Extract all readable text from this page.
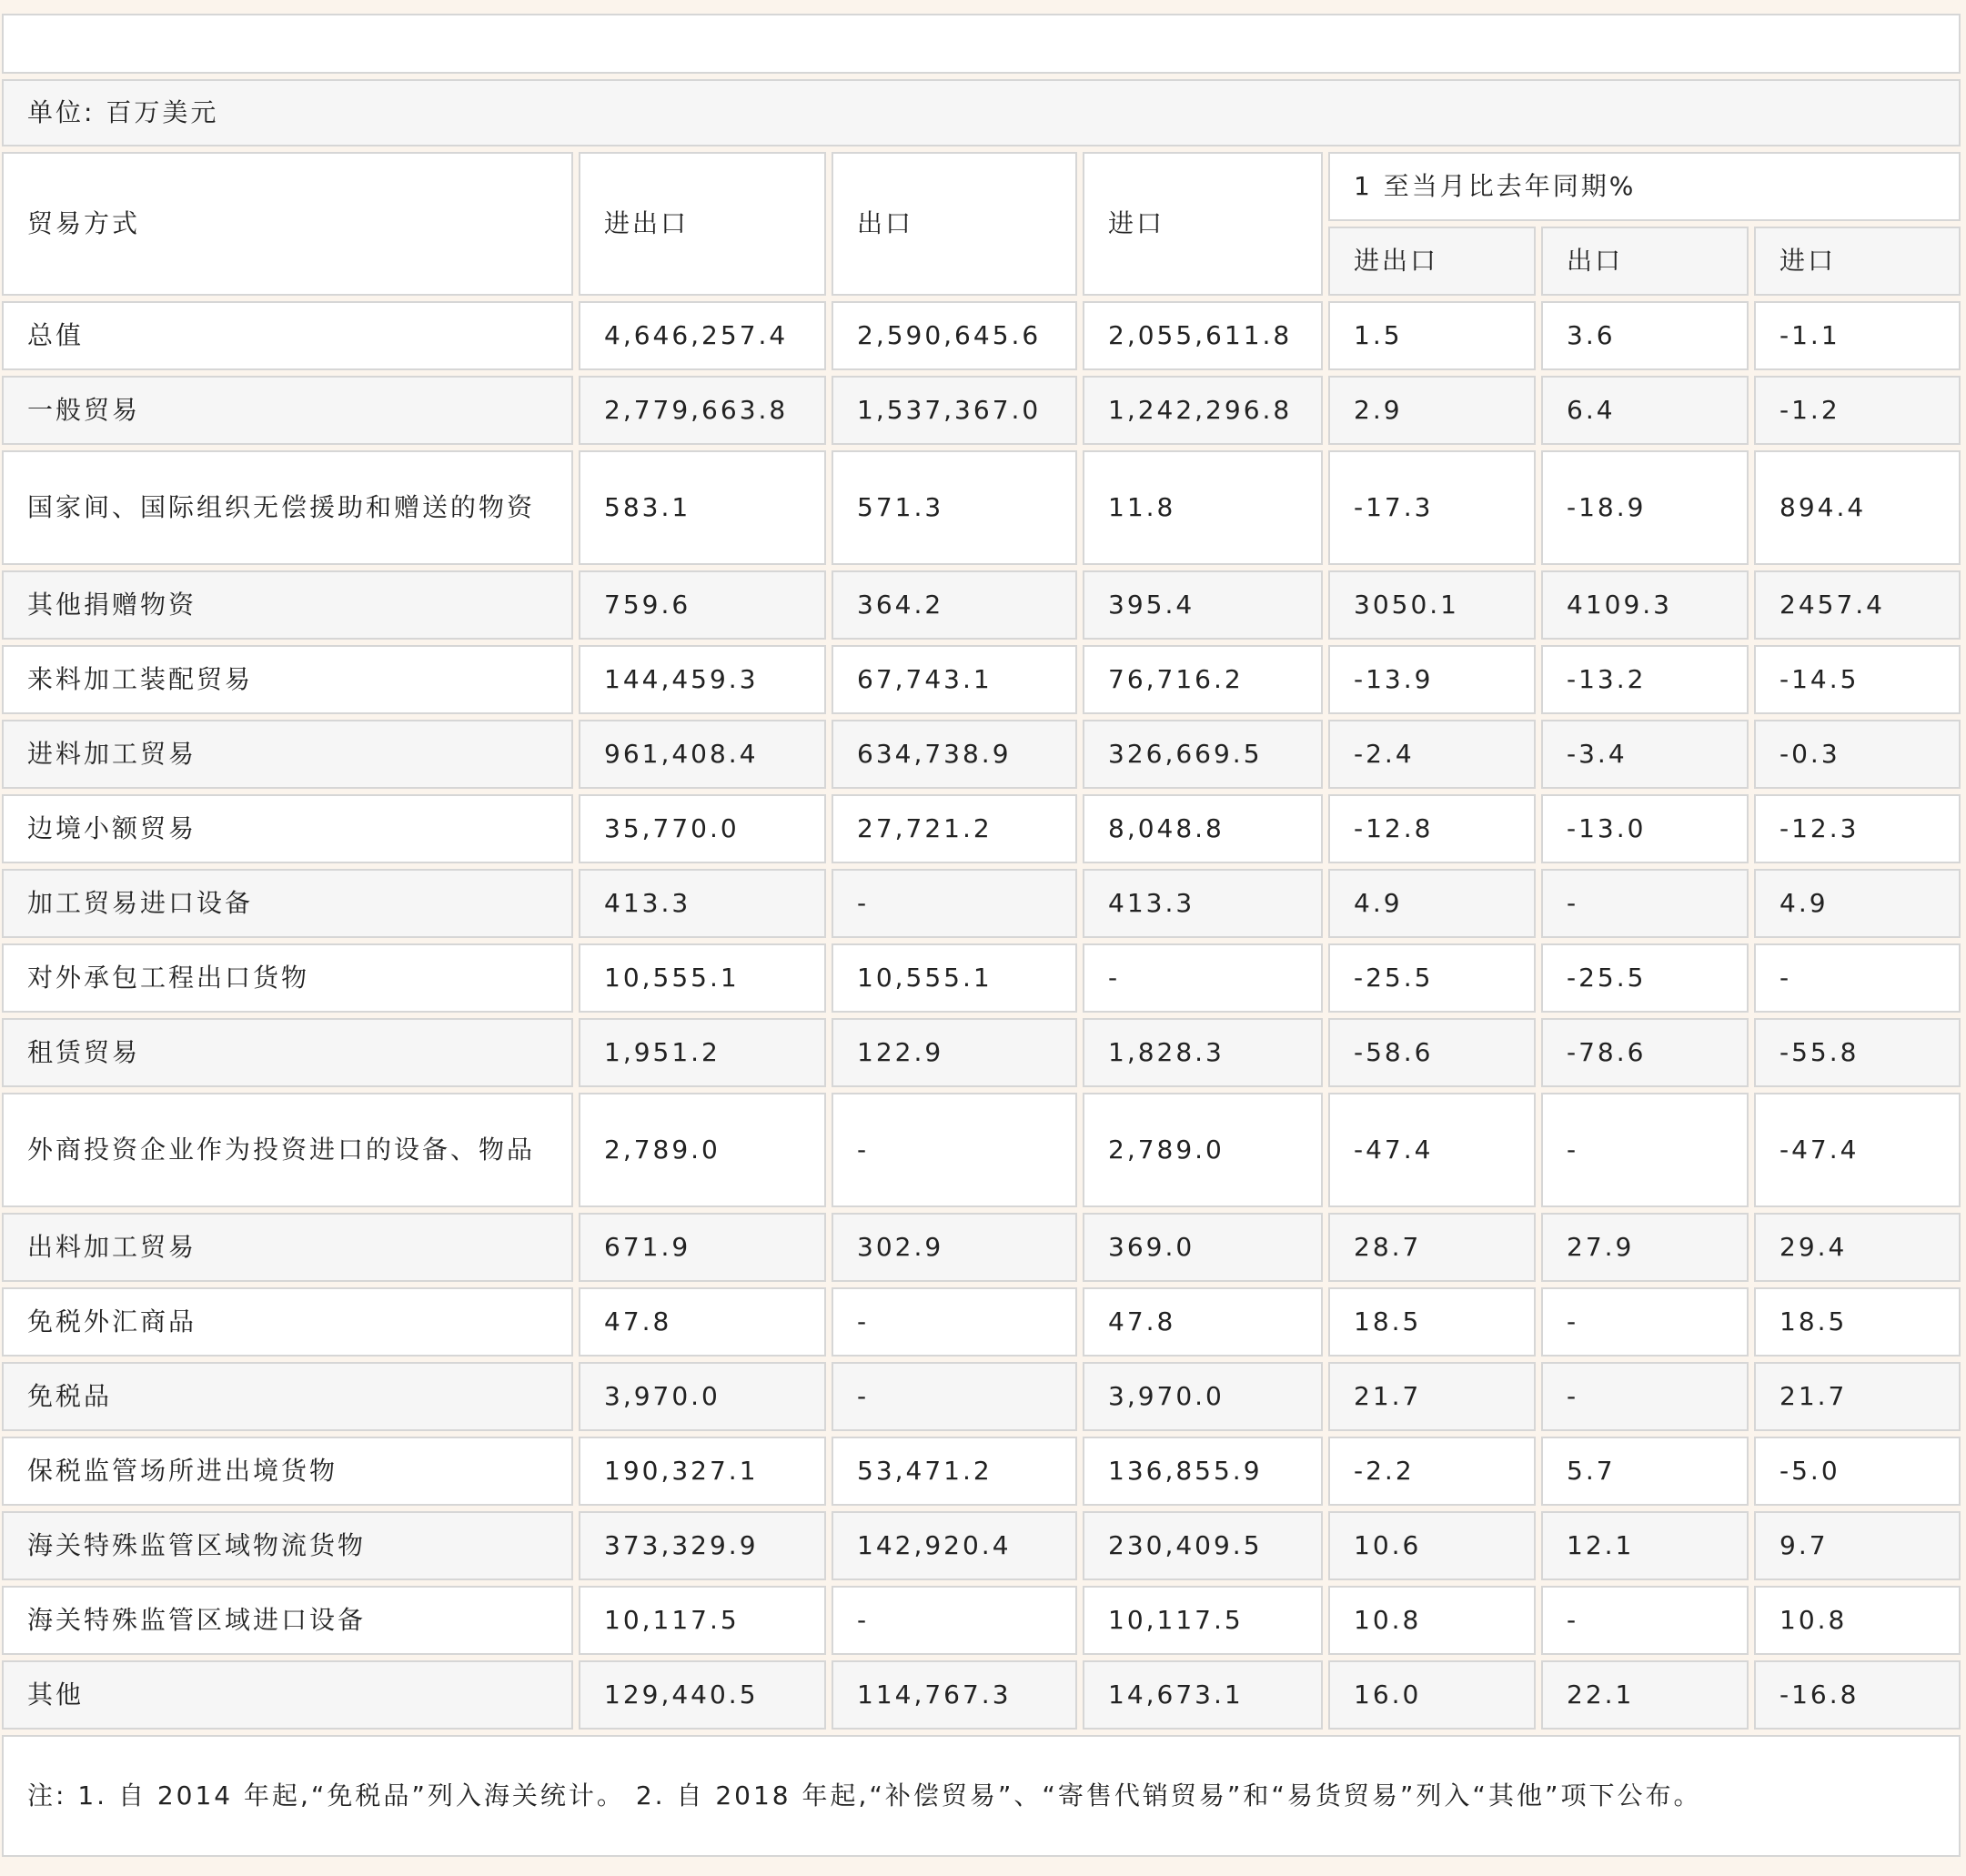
单位: 百万美元						
贸易方式	进出口	出口	进口	1 至当月比去年同期%		
				进出口	出口	进口
总值	4,646,257.4	2,590,645.6	2,055,611.8	1.5	3.6	-1.1
一般贸易	2,779,663.8	1,537,367.0	1,242,296.8	2.9	6.4	-1.2
国家间、国际组织无偿援助和赠送的物资	583.1	571.3	11.8	-17.3	-18.9	894.4
其他捐赠物资	759.6	364.2	395.4	3050.1	4109.3	2457.4
来料加工装配贸易	144,459.3	67,743.1	76,716.2	-13.9	-13.2	-14.5
进料加工贸易	961,408.4	634,738.9	326,669.5	-2.4	-3.4	-0.3
边境小额贸易	35,770.0	27,721.2	8,048.8	-12.8	-13.0	-12.3
加工贸易进口设备	413.3	-	413.3	4.9	-	4.9
对外承包工程出口货物	10,555.1	10,555.1	-	-25.5	-25.5	-
租赁贸易	1,951.2	122.9	1,828.3	-58.6	-78.6	-55.8
外商投资企业作为投资进口的设备、物品	2,789.0	-	2,789.0	-47.4	-	-47.4
出料加工贸易	671.9	302.9	369.0	28.7	27.9	29.4
免税外汇商品	47.8	-	47.8	18.5	-	18.5
免税品	3,970.0	-	3,970.0	21.7	-	21.7
保税监管场所进出境货物	190,327.1	53,471.2	136,855.9	-2.2	5.7	-5.0
海关特殊监管区域物流货物	373,329.9	142,920.4	230,409.5	10.6	12.1	9.7
海关特殊监管区域进口设备	10,117.5	-	10,117.5	10.8	-	10.8
其他	129,440.5	114,767.3	14,673.1	16.0	22.1	-16.8
注: 1. 自 2014 年起,“免税品”列入海关统计。 2. 自 2018 年起,“补偿贸易”、“寄售代销贸易”和“易货贸易”列入“其他”项下公布。						
